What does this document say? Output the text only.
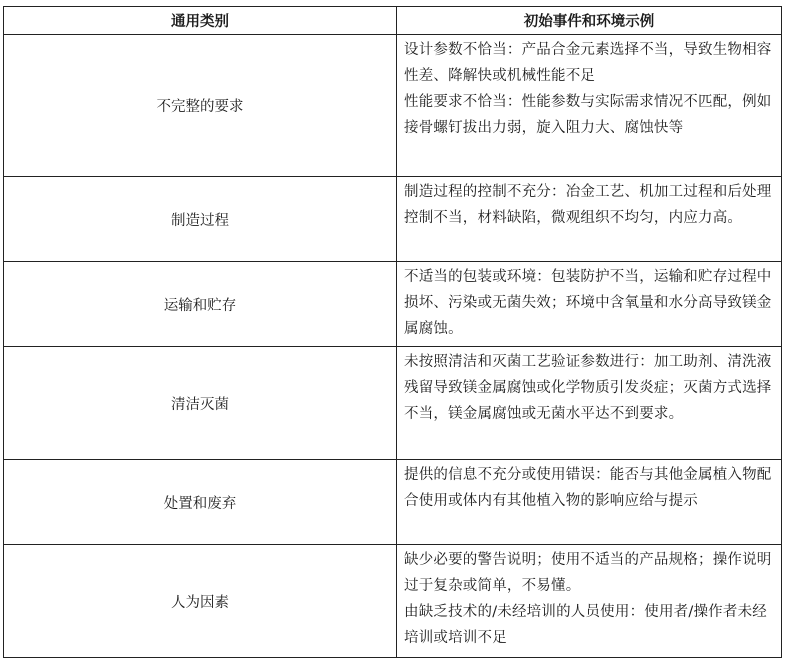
通用类别	初始事件和环境示例
不完整的要求	设计参数不恰当：产品合金元素选择不当，导致生物相容性差、降解快或机械性能不足

性能要求不恰当：性能参数与实际需求情况不匹配，例如接骨螺钉拔出力弱，旋入阻力大、腐蚀快等

制造过程	制造过程的控制不充分：冶金工艺、机加工过程和后处理控制不当，材料缺陷，微观组织不均匀，内应力高。

运输和贮存	不适当的包装或环境：包装防护不当，运输和贮存过程中损坏、污染或无菌失效；环境中含氧量和水分高导致镁金属腐蚀。

清洁灭菌	未按照清洁和灭菌工艺验证参数进行：加工助剂、清洗液残留导致镁金属腐蚀或化学物质引发炎症；灭菌方式选择不当，镁金属腐蚀或无菌水平达不到要求。

处置和废弃	提供的信息不充分或使用错误：能否与其他金属植入物配合使用或体内有其他植入物的影响应给与提示

人为因素	缺少必要的警告说明；使用不适当的产品规格；操作说明过于复杂或简单，不易懂。

由缺乏技术的/未经培训的人员使用：使用者/操作者未经培训或培训不足
